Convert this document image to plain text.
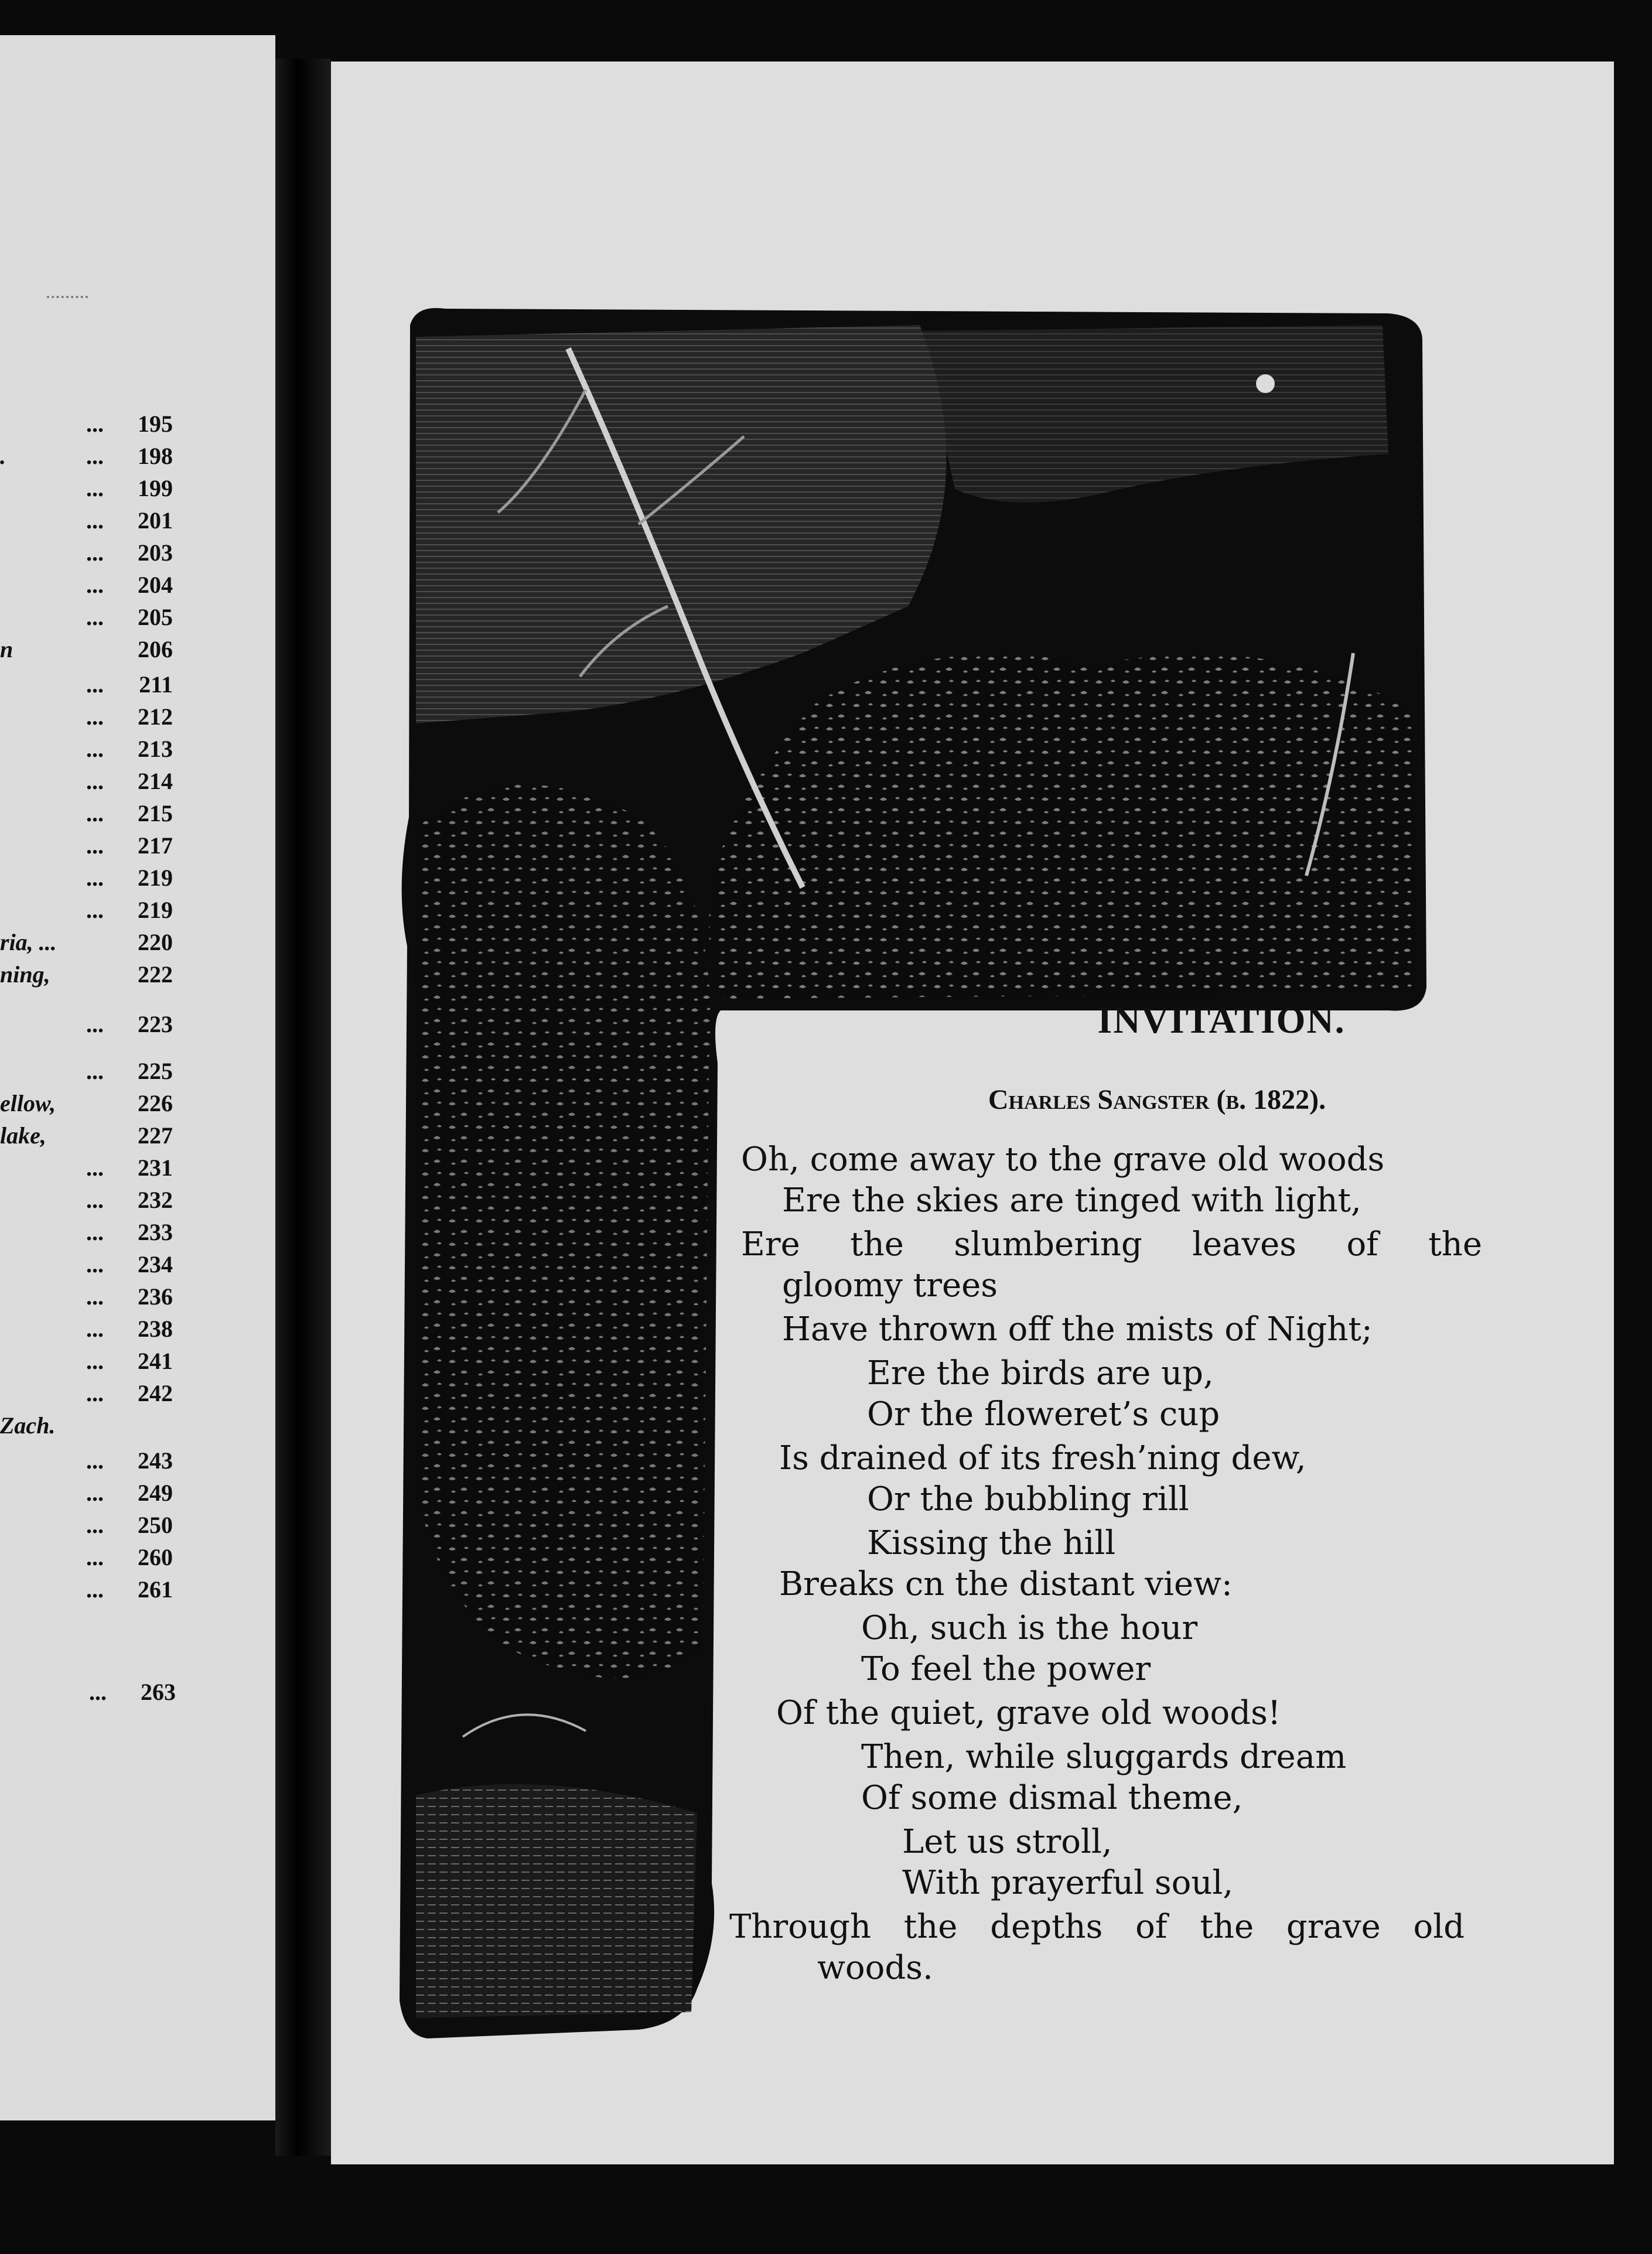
... 195
.	... 198
... 199
... 201
... 203
... 204
... 205
n	206
... 211
... 212
... 213
... 214
... 215
... 217
... 219
... 219
ria, ...	220
ning,	222
... 223
... 225
ellow,	226
lake,	227
... 231
... 232
... 233
... 234
... 236
... 238
... 241
... 242
Zach.
... 243
... 249
... 250
... 260
... 261
... 263
INVITATION.
Charles Sangster (b. 1822).
Oh, come away to the grave old woods
Ere the skies are tinged with light,
Ere the slumbering leaves of the
gloomy trees
Have thrown off the mists of Night;
Ere the birds are up,
Or the floweret’s cup
Is drained of its fresh’ning dew,
Or the bubbling rill
Kissing the hill
Breaks cn the distant view:
Oh, such is the hour
To feel the power
Of the quiet, grave old woods!
Then, while sluggards dream
Of some dismal theme,
Let us stroll,
With prayerful soul,
Through the depths of the grave old
woods.
